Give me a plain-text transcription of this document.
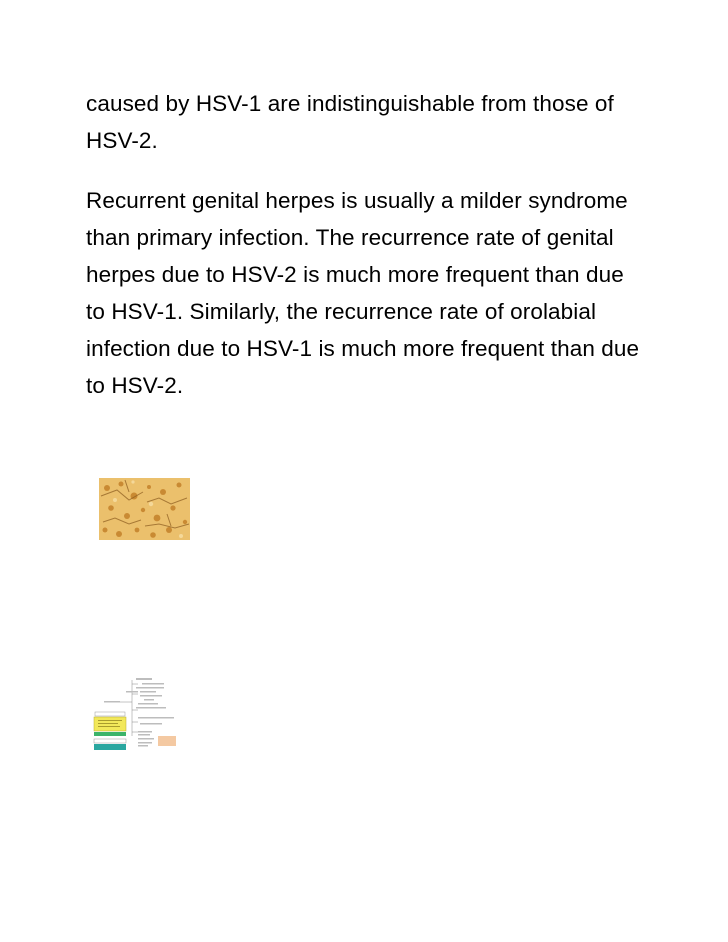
caused by HSV-1 are indistinguishable from those of HSV-2.

Recurrent genital herpes is usually a milder syndrome than primary infection. The recurrence rate of genital herpes due to HSV-2 is much more frequent than due to HSV-1. Similarly, the recurrence rate of orolabial infection due to HSV-1 is much more frequent than due to HSV-2.
